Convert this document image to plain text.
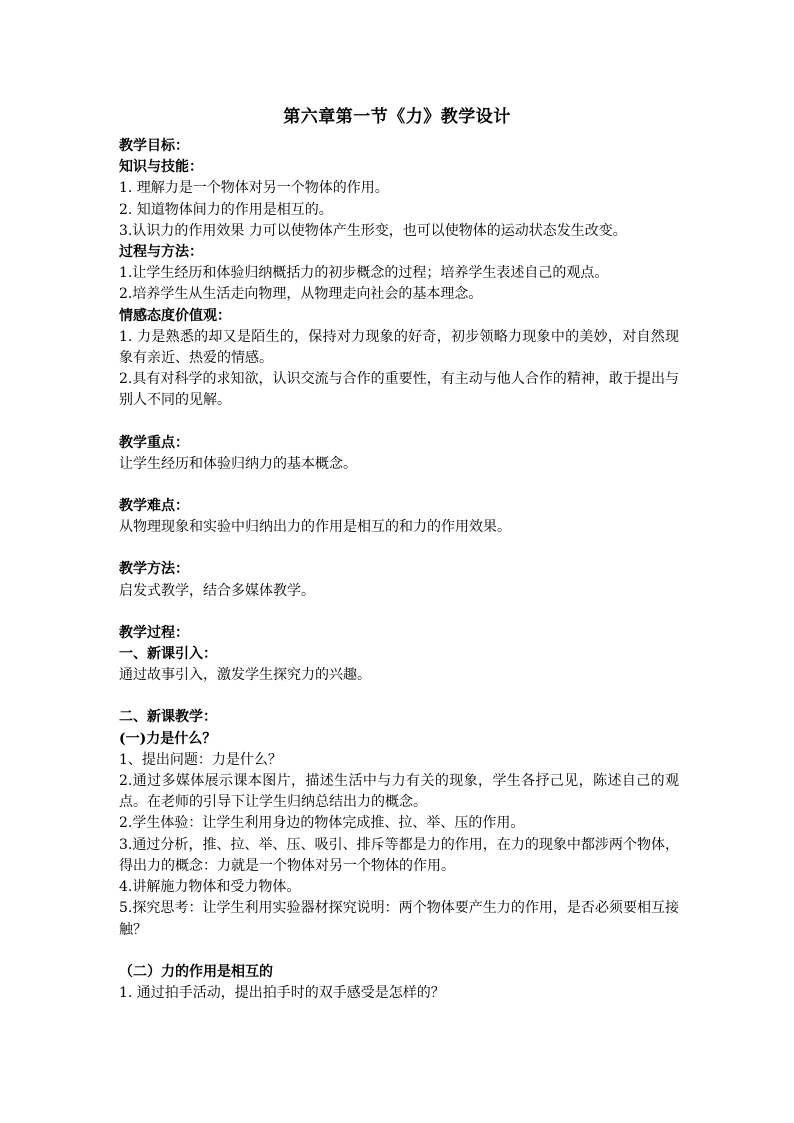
第六章第一节《力》教学设计

教学目标：

知识与技能：

1. 理解力是一个物体对另一个物体的作用。

2. 知道物体间力的作用是相互的。

3.认识力的作用效果 力可以使物体产生形变，也可以使物体的运动状态发生改变。

过程与方法：

1.让学生经历和体验归纳概括力的初步概念的过程；培养学生表述自己的观点。

2.培养学生从生活走向物理，从物理走向社会的基本理念。

情感态度价值观：

1. 力是熟悉的却又是陌生的，保持对力现象的好奇，初步领略力现象中的美妙，对自然现象有亲近、热爱的情感。

2.具有对科学的求知欲，认识交流与合作的重要性，有主动与他人合作的精神，敢于提出与别人不同的见解。

教学重点：

让学生经历和体验归纳力的基本概念。

教学难点：

从物理现象和实验中归纳出力的作用是相互的和力的作用效果。

教学方法：

启发式教学，结合多媒体教学。

教学过程：

一、新课引入：

通过故事引入，激发学生探究力的兴趣。

二、新课教学：

(一)力是什么？

1、提出问题：力是什么？

2.通过多媒体展示课本图片，描述生活中与力有关的现象，学生各抒己见，陈述自己的观点。在老师的引导下让学生归纳总结出力的概念。

2.学生体验：让学生利用身边的物体完成推、拉、举、压的作用。

3.通过分析，推、拉、举、压、吸引、排斥等都是力的作用，在力的现象中都涉两个物体，得出力的概念：力就是一个物体对另一个物体的作用。

4.讲解施力物体和受力物体。

5.探究思考：让学生利用实验器材探究说明：两个物体要产生力的作用，是否必须要相互接触？

（二）力的作用是相互的

1. 通过拍手活动，提出拍手时的双手感受是怎样的？
